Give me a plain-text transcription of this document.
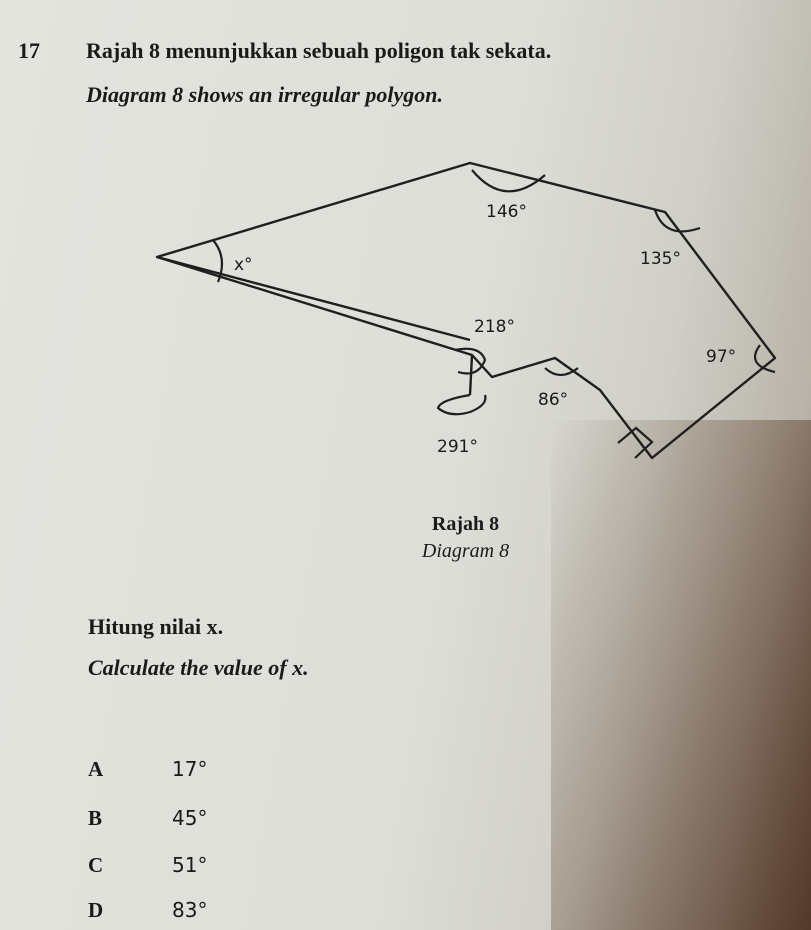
17 Rajah 8 menunjukkan sebuah poligon tak sekata.
Diagram 8 shows an irregular polygon.
x°
146°
135°
218°
97°
86°
291°
Rajah 8
Diagram 8
Hitung nilai x.
Calculate the value of x.
A	17°
B	45°
C	51°
D	83°
